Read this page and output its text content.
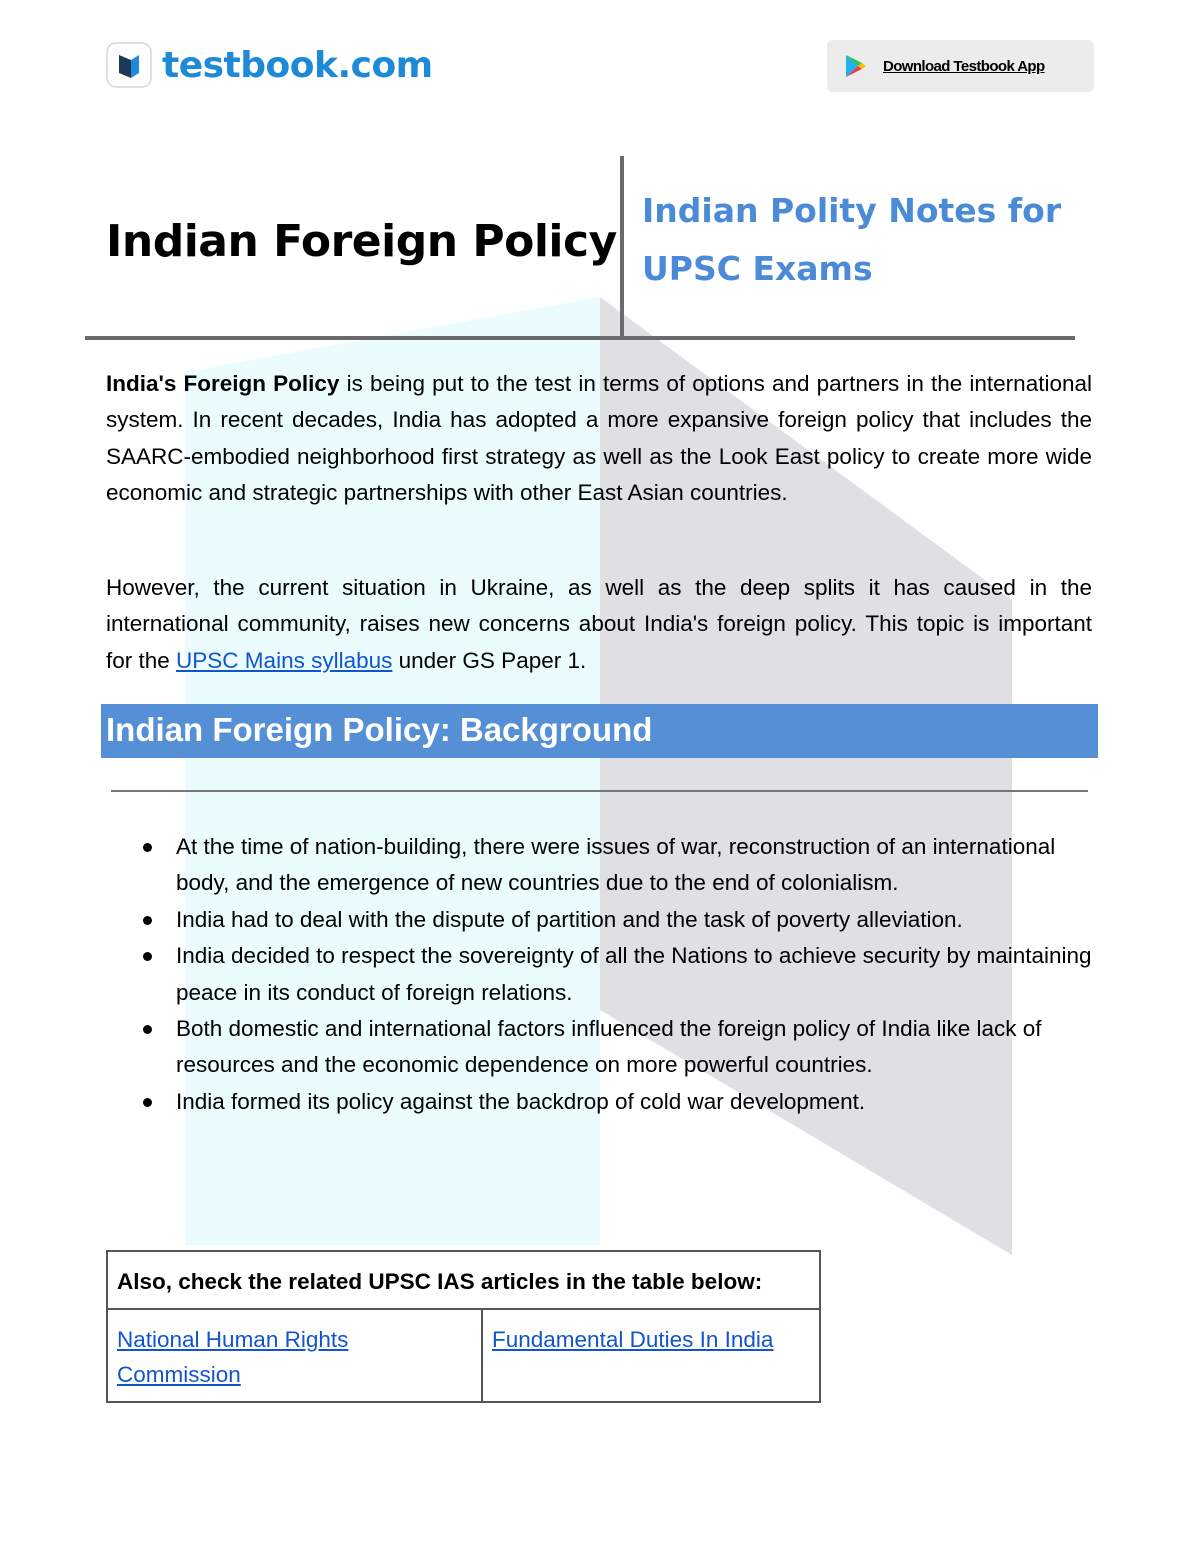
testbook.com	Download Testbook App
Indian Foreign Policy
Indian Polity Notes for
UPSC Exams
India's Foreign Policy is being put to the test in terms of options and partners in the international system. In recent decades, India has adopted a more expansive foreign policy that includes the SAARC-embodied neighborhood first strategy as well as the Look East policy to create more wide economic and strategic partnerships with other East Asian countries.
However, the current situation in Ukraine, as well as the deep splits it has caused in the international community, raises new concerns about India's foreign policy. This topic is important for the UPSC Mains syllabus under GS Paper 1.
Indian Foreign Policy: Background
At the time of nation-building, there were issues of war, reconstruction of an international body, and the emergence of new countries due to the end of colonialism.
India had to deal with the dispute of partition and the task of poverty alleviation.
India decided to respect the sovereignty of all the Nations to achieve security by maintaining peace in its conduct of foreign relations.
Both domestic and international factors influenced the foreign policy of India like lack of resources and the economic dependence on more powerful countries.
India formed its policy against the backdrop of cold war development.
Also, check the related UPSC IAS articles in the table below:
National Human Rights Commission	Fundamental Duties In India
